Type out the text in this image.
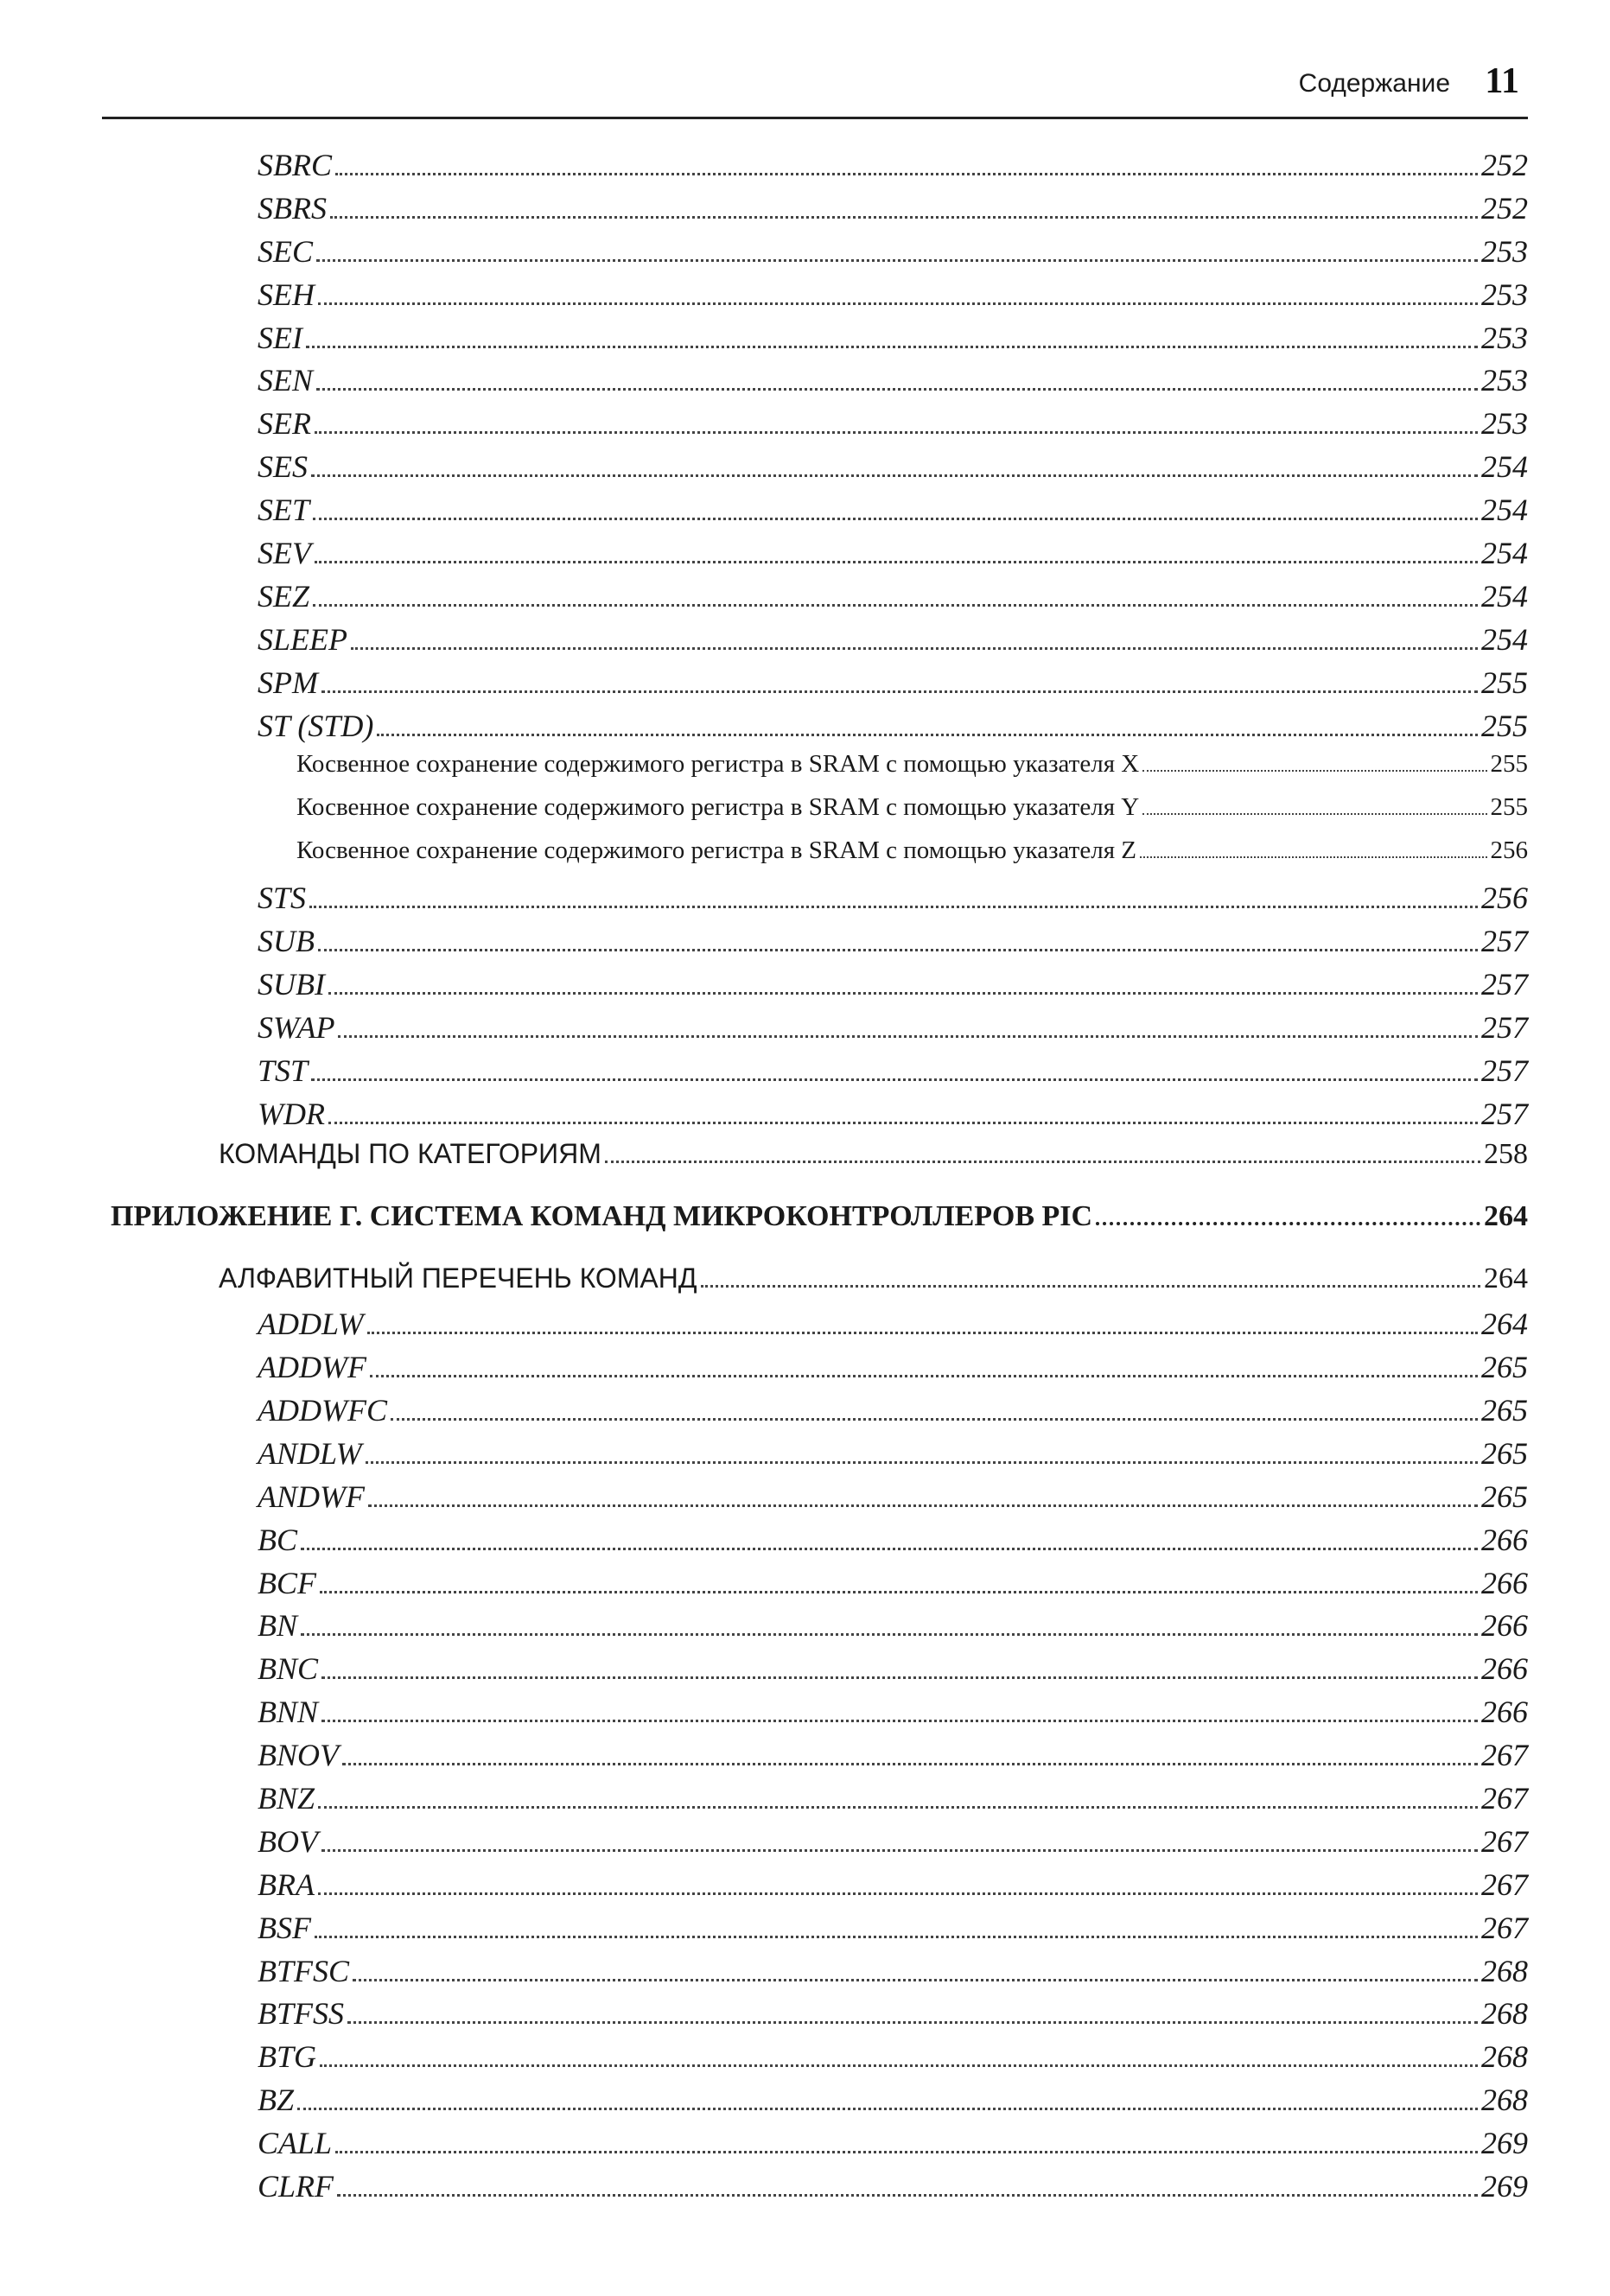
Содержание 11
SBRC	252
SBRS	252
SEC	253
SEH	253
SEI	253
SEN	253
SER	253
SES	254
SET	254
SEV	254
SEZ	254
SLEEP	254
SPM	255
ST (STD)	255
Косвенное сохранение содержимого регистра в SRAM с помощью указателя X	255
Косвенное сохранение содержимого регистра в SRAM с помощью указателя Y	255
Косвенное сохранение содержимого регистра в SRAM с помощью указателя Z	256
STS	256
SUB	257
SUBI	257
SWAP	257
TST	257
WDR	257
КОМАНДЫ ПО КАТЕГОРИЯМ	258
ПРИЛОЖЕНИЕ Г. СИСТЕМА КОМАНД МИКРОКОНТРОЛЛЕРОВ PIC	264
АЛФАВИТНЫЙ ПЕРЕЧЕНЬ КОМАНД	264
ADDLW	264
ADDWF	265
ADDWFC	265
ANDLW	265
ANDWF	265
BC	266
BCF	266
BN	266
BNC	266
BNN	266
BNOV	267
BNZ	267
BOV	267
BRA	267
BSF	267
BTFSC	268
BTFSS	268
BTG	268
BZ	268
CALL	269
CLRF	269
